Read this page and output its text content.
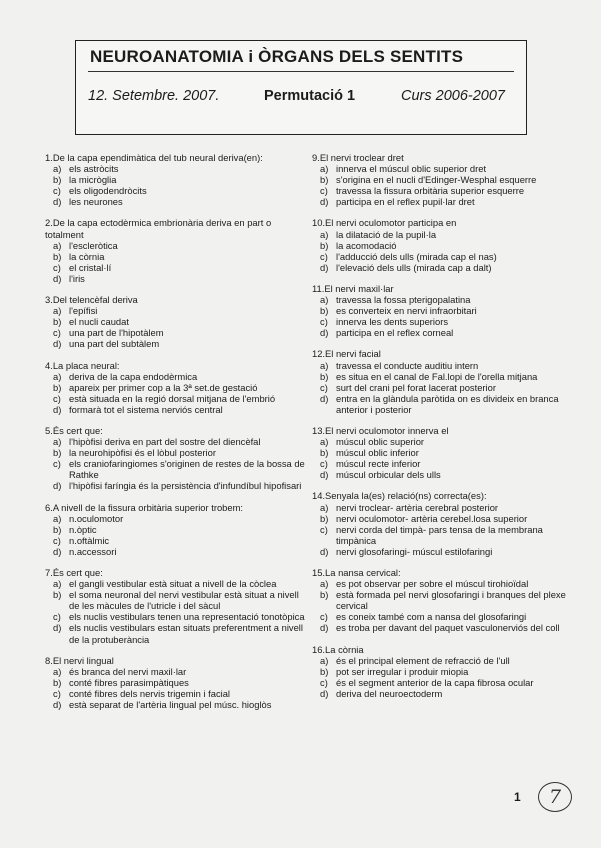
NEUROANATOMIA i ÒRGANS DELS SENTITS
12. Setembre. 2007.	Permutació 1	Curs 2006-2007

1.De la capa ependimàtica del tub neural deriva(en):

a) els astròcits
b) la micròglia
c) els oligodendròcits
d) les neurones

2.De la capa ectodèrmica embrionària deriva en part o totalment

a) l'escleròtica
b) la còrnia
c) el cristal·lí
d) l'iris

3.Del telencèfal deriva

a) l'epífisi
b) el nucli caudat
c) una part de l'hipotàlem
d) una part del subtàlem

4.La placa neural:

a) deriva de la capa endodèrmica
b) apareix per primer cop a la 3ª set.de gestació
c) està situada en la regió dorsal mitjana de l'embrió
d) formarà tot el sistema nerviós central

5.És cert que:

a) l'hipòfisi deriva en part del sostre del diencèfal
b) la neurohipòfisi és el lòbul posterior
c) els craniofaringiomes s'originen de restes de la bossa de Rathke
d) l'hipòfisi faríngia és la persistència d'infundíbul hipofisari

6.A nivell de la fissura orbitària superior trobem:

a) n.oculomotor
b) n.òptic
c) n.oftàlmic
d) n.accessori

7.És cert que:

a) el gangli vestibular està situat a nivell de la còclea
b) el soma neuronal del nervi vestibular està situat a nivell de les màcules de l'utricle i del sàcul
c) els nuclis vestibulars tenen una representació tonotòpica
d) els nuclis vestibulars estan situats preferentment a nivell de la protuberància

8.El nervi lingual

a) és branca del nervi maxil·lar
b) conté fibres parasimpàtiques
c) conté fibres dels nervis trigemin i facial
d) està separat de l'artèria lingual pel músc. hioglòs

9.El nervi troclear dret

a) innerva el múscul oblic superior dret
b) s'origina en el nucli d'Edinger-Wesphal esquerre
c) travessa la fissura orbitària superior esquerre
d) participa en el reflex pupil·lar dret

10.El nervi oculomotor participa en

a) la dilatació de la pupil·la
b) la acomodació
c) l'adducció dels ulls (mirada cap el nas)
d) l'elevació dels ulls (mirada cap a dalt)

11.El nervi maxil·lar

a) travessa la fossa pterigopalatina
b) es converteix en nervi infraorbitari
c) innerva les dents superiors
d) participa en el reflex corneal

12.El nervi facial

a) travessa el conducte auditiu intern
b) es situa en el canal de Fal.lopi de l'orella mitjana
c) surt del crani pel forat lacerat posterior
d) entra en la glàndula paròtida on es divideix en branca anterior i posterior

13.El nervi oculomotor innerva el

a) múscul oblic superior
b) múscul oblic inferior
c) múscul recte inferior
d) múscul orbicular dels ulls

14.Senyala la(es) relació(ns) correcta(es):

a) nervi troclear- artèria cerebral posterior
b) nervi oculomotor- artèria cerebel.losa superior
c) nervi corda del timpà- pars tensa de la membrana timpànica
d) nervi glosofaringi- múscul estilofaringi

15.La nansa cervical:

a) es pot observar per sobre el múscul tirohioïdal
b) està formada pel nervi glosofaringi i branques del plexe cervical
c) es coneix també com a nansa del glosofaringi
d) es troba per davant del paquet vasculonerviós del coll

16.La còrnia

a) és el principal element de refracció de l'ull
b) pot ser irregular i produir miopia
c) és el segment anterior de la capa fibrosa ocular
d) deriva del neuroectoderm
1	7
